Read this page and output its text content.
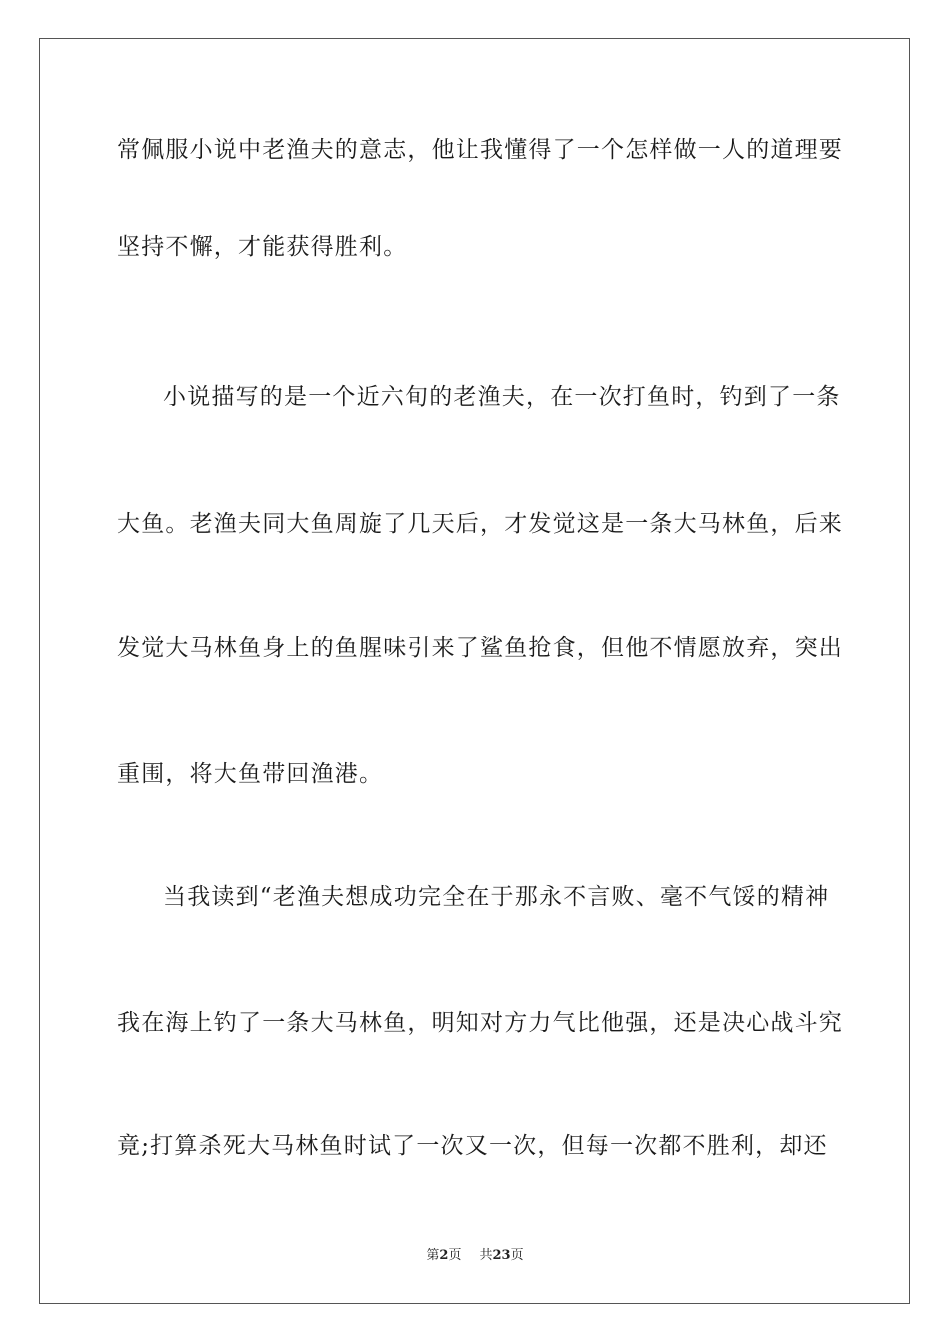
常佩服小说中老渔夫的意志，他让我懂得了一个怎样做一人的道理要
坚持不懈，才能获得胜利。
小说描写的是一个近六旬的老渔夫，在一次打鱼时，钓到了一条
大鱼。老渔夫同大鱼周旋了几天后，才发觉这是一条大马林鱼，后来
发觉大马林鱼身上的鱼腥味引来了鲨鱼抢食，但他不情愿放弃，突出
重围，将大鱼带回渔港。
当我读到“老渔夫想成功完全在于那永不言败、毫不气馁的精神
我在海上钓了一条大马林鱼，明知对方力气比他强，还是决心战斗究
竟;打算杀死大马林鱼时试了一次又一次，但每一次都不胜利，却还
第2页 共23页
